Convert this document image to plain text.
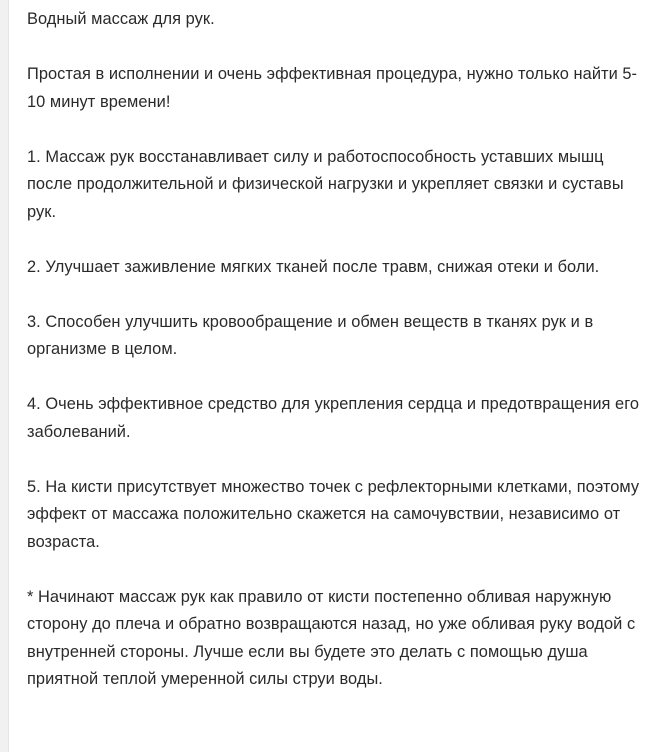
Водный массаж для рук.

Простая в исполнении и очень эффективная процедура, нужно только найти 5-10 минут времени!

1. Массаж рук восстанавливает силу и работоспособность уставших мышц после продолжительной и физической нагрузки и укрепляет связки и суставы рук.

2. Улучшает заживление мягких тканей после травм, снижая отеки и боли.

3. Способен улучшить кровообращение и обмен веществ в тканях рук и в организме в целом.

4. Очень эффективное средство для укрепления сердца и предотвращения его заболеваний.

5. На кисти присутствует множество точек с рефлекторными клетками, поэтому эффект от массажа положительно скажется на самочувствии, независимо от возраста.

* Начинают массаж рук как правило от кисти постепенно обливая наружную сторону до плеча и обратно возвращаются назад, но уже обливая руку водой с внутренней стороны. Лучше если вы будете это делать с помощью душа приятной теплой умеренной силы струи воды.
